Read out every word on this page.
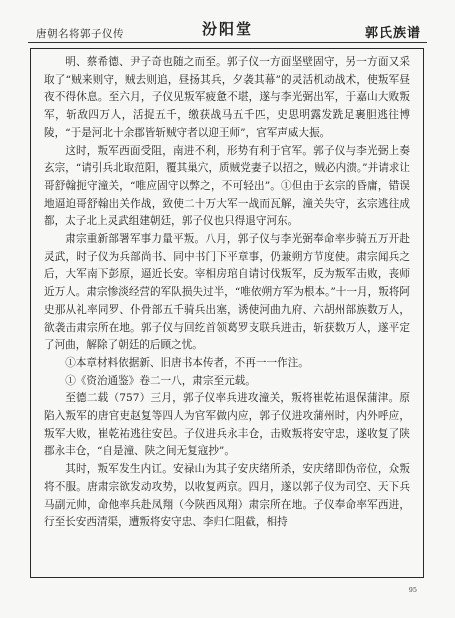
唐朝名将郭子仪传	汾阳堂	郭氏族谱

明、蔡希德、尹子奇也随之而至。郭子仪一方面坚壁固守，另一方面又采取了“贼来则守，贼去则追，昼扬其兵，夕袭其幕”的灵活机动战术，使叛军昼夜不得休息。至六月，子仪见叛军疲惫不堪，遂与李光弼出军，于嘉山大败叛军，斩敌四万人，活捉五千，缴获战马五千匹，史思明露发跣足裹胆逃往博陵，“于是河北十余郡皆斩贼守者以迎王师”，官军声威大振。

这时，叛军西面受阻，南进不利，形势有利于官军。郭子仪与李光弼上奏玄宗，“请引兵北取范阳，覆其巢穴，质贼党妻子以招之，贼必内溃。”并请求让哥舒翰扼守潼关，“唯应固守以弊之，不可轻出”。①但由于玄宗的昏庸，错误地逼迫哥舒翰出关作战，致使二十万大军一战而瓦解，潼关失守，玄宗逃往成都，太子北上灵武组建朝廷，郭子仪也只得退守河东。

肃宗重新部署军事力量平叛。八月，郭子仪与李光弼奉命率步骑五万开赴灵武，时子仪为兵部尚书、同中书门下平章事，仍兼朔方节度使。肃宗闻兵之后，大军南下彭原，逼近长安。宰相房琯自请讨伐叛军，反为叛军击败，丧师近万人。肃宗惨淡经营的军队损失过半，“唯依朔方军为根本。”十一月，叛将阿史那从礼率同罗、仆骨部五千骑兵出塞，诱使河曲九府、六胡州部族数万人，欲袭击肃宗所在地。郭子仪与回纥首领葛罗支联兵进击，斩获数万人，遂平定了河曲，解除了朝廷的后顾之忧。

①本章材料依据新、旧唐书本传者，不再一一作注。

①《资治通鉴》卷二一八，肃宗至元载。

至德二载（757）三月，郭子仪率兵进攻潼关，叛将崔乾祐退保蒲津。原陷入叛军的唐官吏赵复等四人为官军做内应，郭子仪进攻蒲州时，内外呼应，叛军大败，崔乾祐逃往安邑。子仪进兵永丰仓，击败叛将安守忠，遂收复了陕郡永丰仓，“自是潼、陕之间无复寇抄”。

其时，叛军发生内讧。安禄山为其子安庆绪所杀，安庆绪即伪帝位，众叛将不服。唐肃宗欲发动攻势，以收复两京。四月，遂以郭子仪为司空、天下兵马副元帅，命他率兵赴凤翔（今陕西凤翔）肃宗所在地。子仪奉命率军西进，行至长安西清渠，遭叛将安守忠、李归仁阻截，相持

95
